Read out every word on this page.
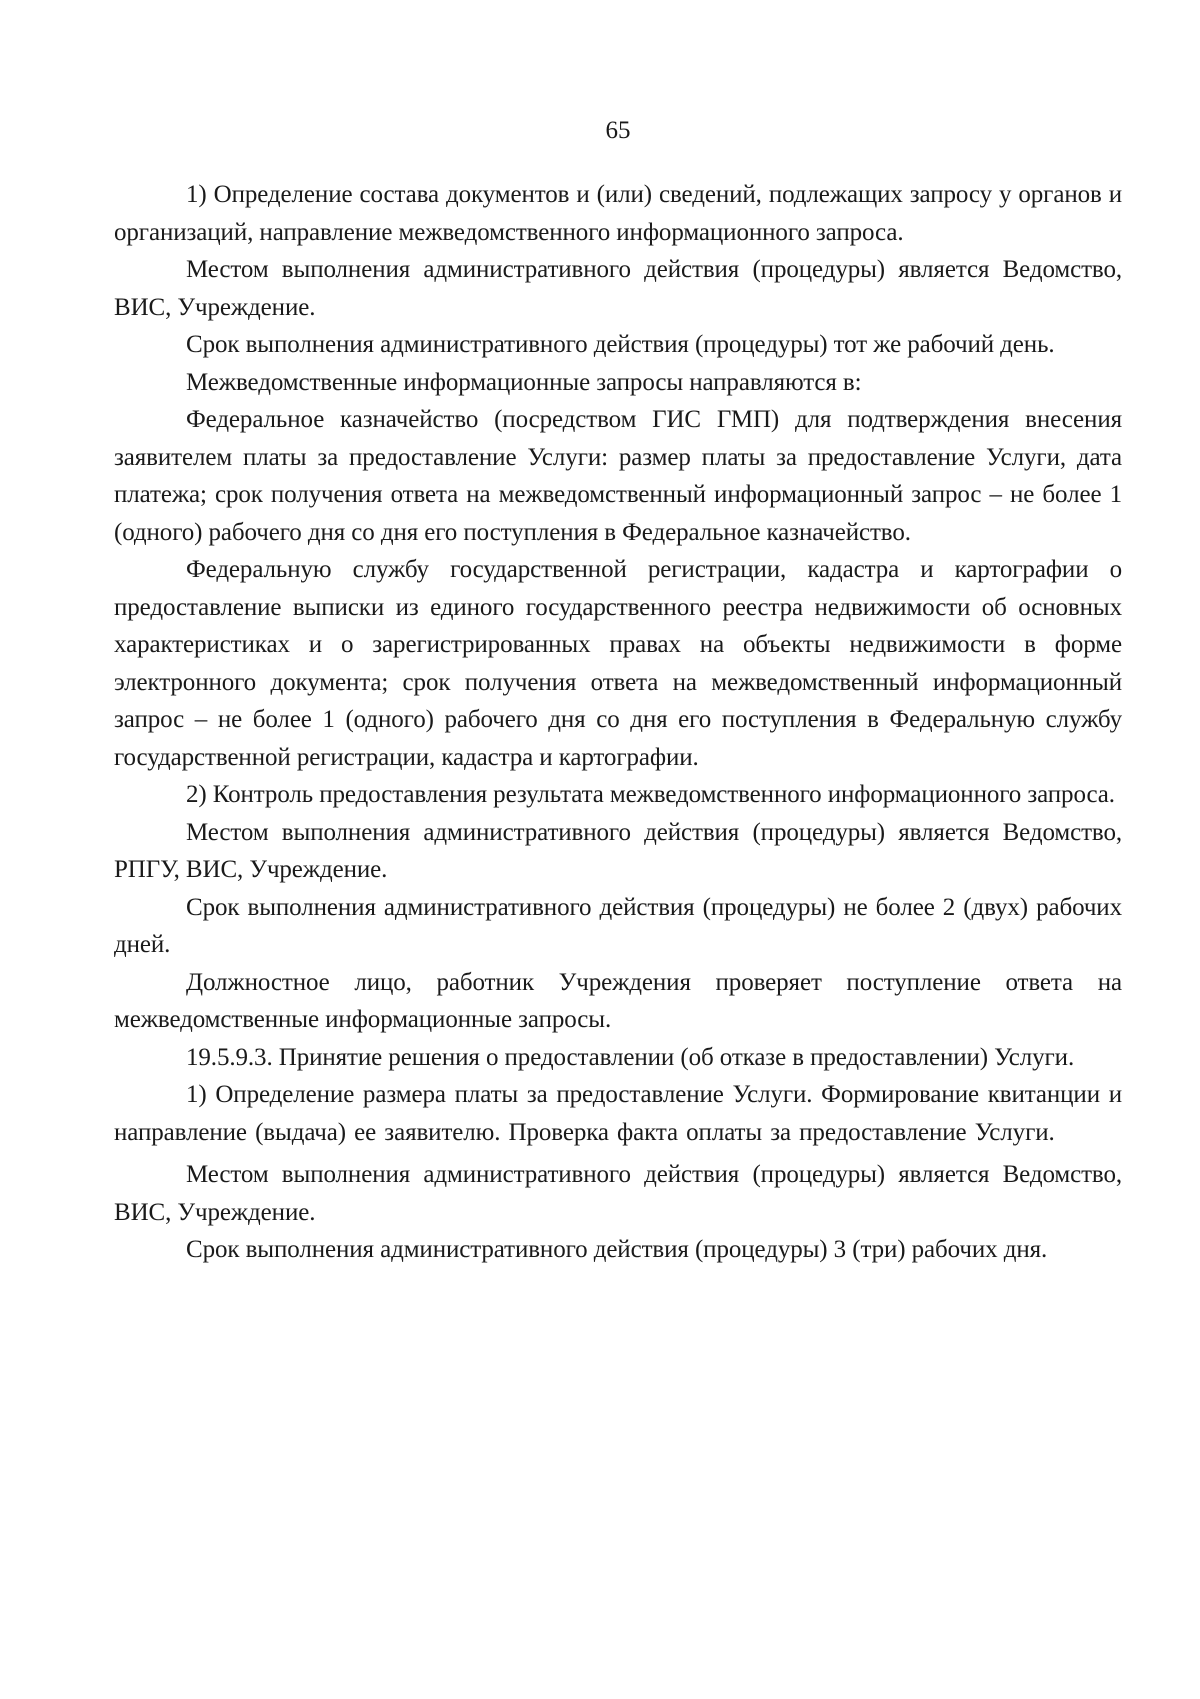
65

1) Определение состава документов и (или) сведений, подлежащих запросу у органов и организаций, направление межведомственного информационного запроса.

Местом выполнения административного действия (процедуры) является Ведомство, ВИС, Учреждение.

Срок выполнения административного действия (процедуры) тот же рабочий день.

Межведомственные информационные запросы направляются в:

Федеральное казначейство (посредством ГИС ГМП) для подтверждения внесения заявителем платы за предоставление Услуги: размер платы за предоставление Услуги, дата платежа; срок получения ответа на межведомственный информационный запрос – не более 1 (одного) рабочего дня со дня его поступления в Федеральное казначейство.

Федеральную службу государственной регистрации, кадастра и картографии о предоставление выписки из единого государственного реестра недвижимости об основных характеристиках и о зарегистрированных правах на объекты недвижимости в форме электронного документа; срок получения ответа на межведомственный информационный запрос – не более 1 (одного) рабочего дня со дня его поступления в Федеральную службу государственной регистрации, кадастра и картографии.

2) Контроль предоставления результата межведомственного информационного запроса.

Местом выполнения административного действия (процедуры) является Ведомство, РПГУ, ВИС, Учреждение.

Срок выполнения административного действия (процедуры) не более 2 (двух) рабочих дней.

Должностное лицо, работник Учреждения проверяет поступление ответа на межведомственные информационные запросы.

19.5.9.3. Принятие решения о предоставлении (об отказе в предоставлении) Услуги.

1) Определение размера платы за предоставление Услуги. Формирование квитанции и направление (выдача) ее заявителю. Проверка факта оплаты за предоставление Услуги.

Местом выполнения административного действия (процедуры) является Ведомство, ВИС, Учреждение.

Срок выполнения административного действия (процедуры) 3 (три) рабочих дня.
